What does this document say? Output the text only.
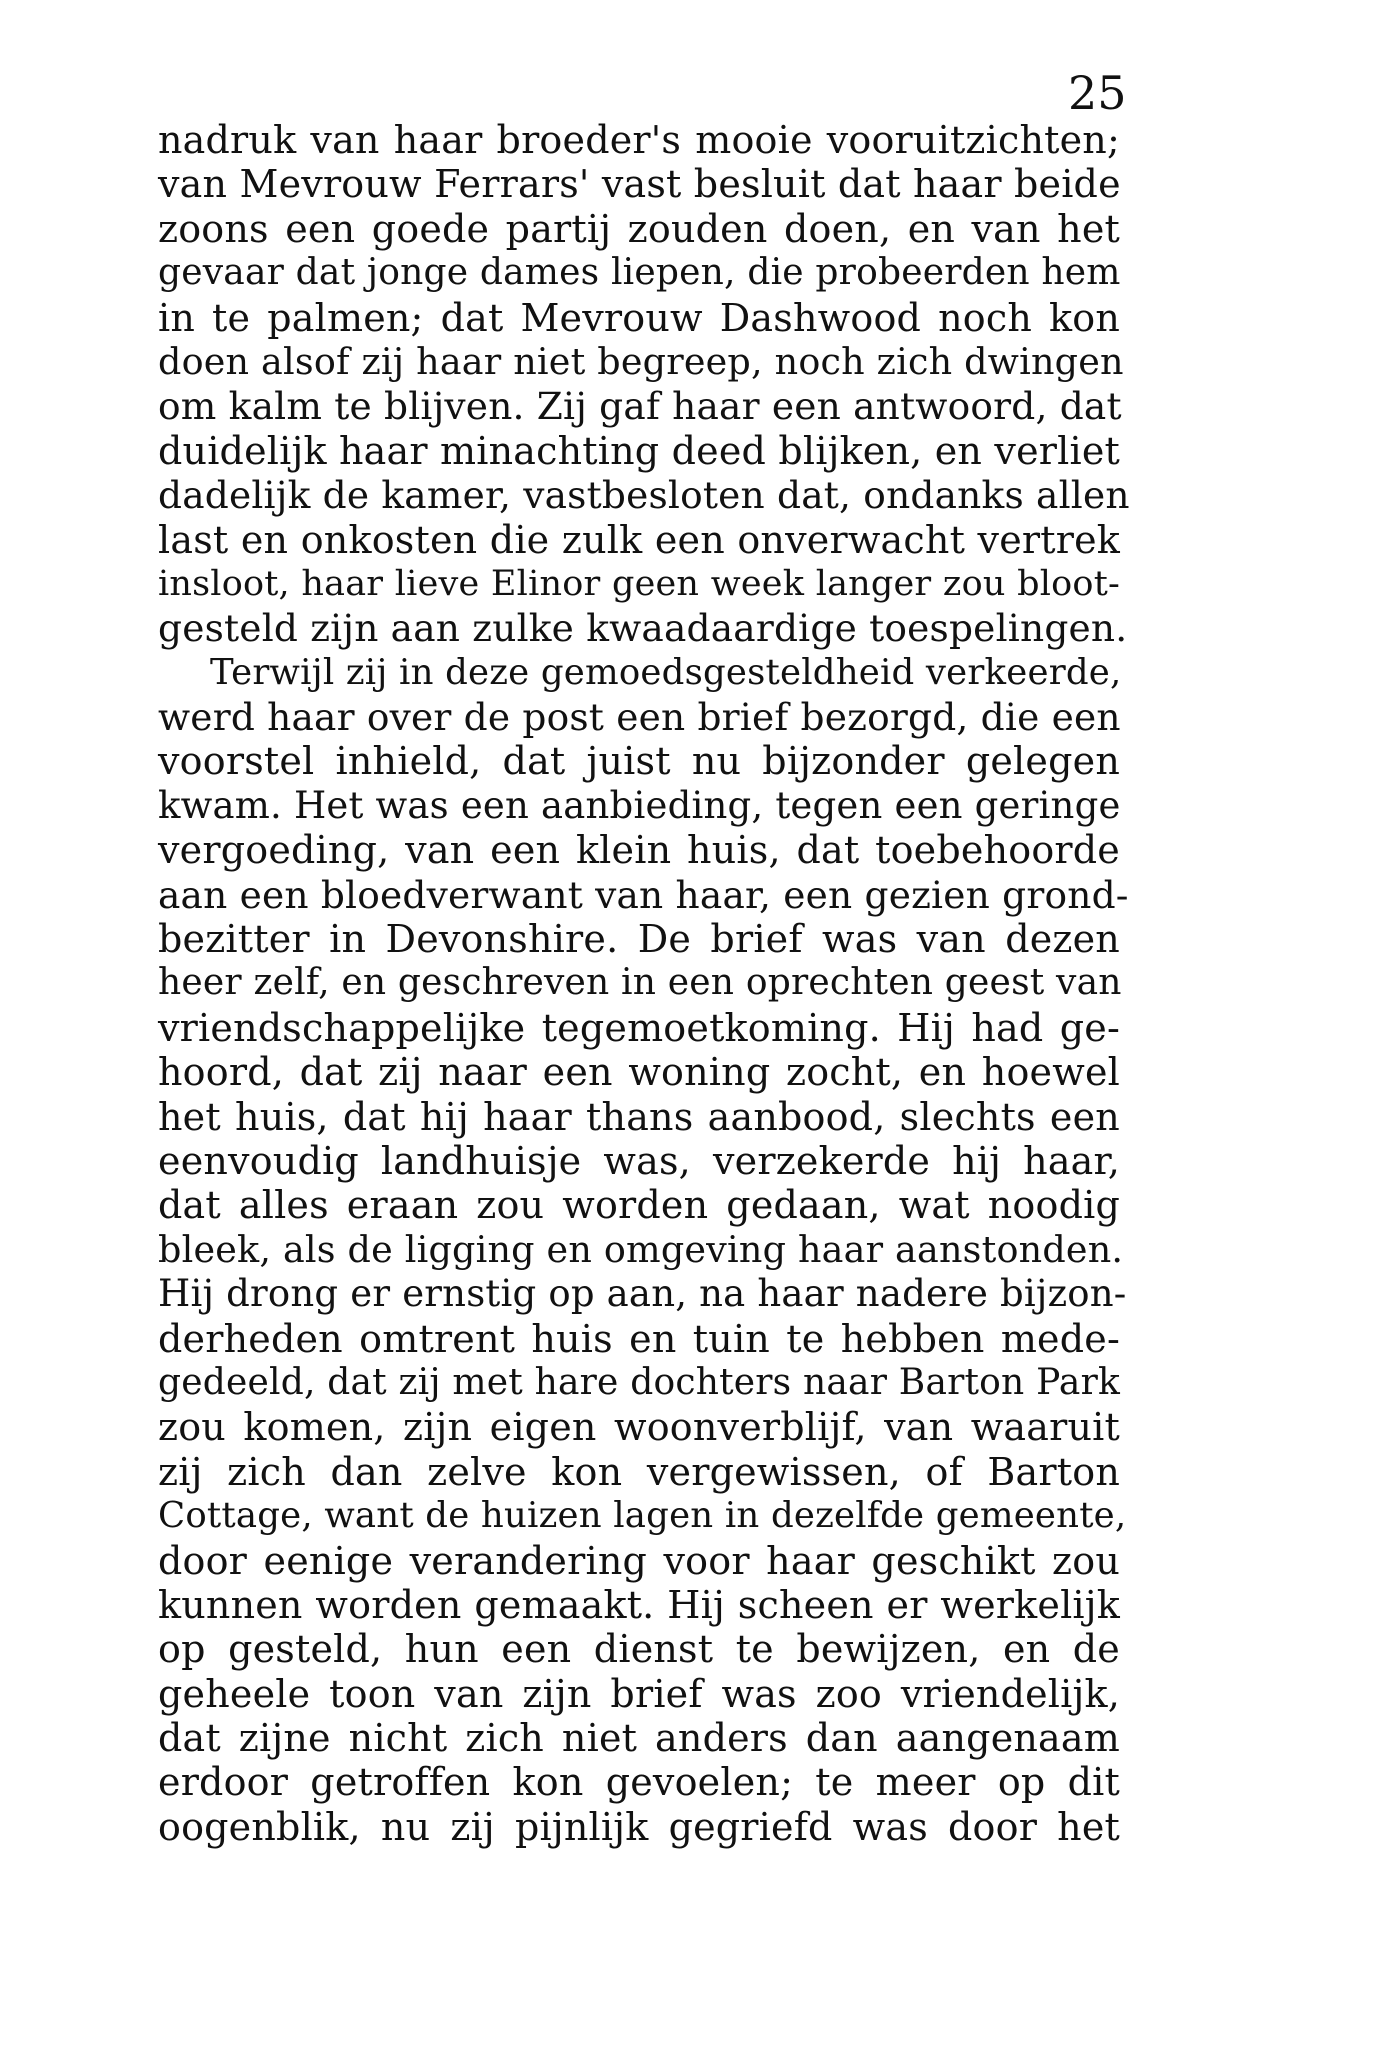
25
nadruk van haar broeder's mooie vooruitzichten;
van Mevrouw Ferrars' vast besluit dat haar beide
zoons een goede partij zouden doen, en van het
gevaar dat jonge dames liepen, die probeerden hem
in te palmen; dat Mevrouw Dashwood noch kon
doen alsof zij haar niet begreep, noch zich dwingen
om kalm te blijven. Zij gaf haar een antwoord, dat
duidelijk haar minachting deed blijken, en verliet
dadelijk de kamer, vastbesloten dat, ondanks allen
last en onkosten die zulk een onverwacht vertrek
insloot, haar lieve Elinor geen week langer zou bloot-
gesteld zijn aan zulke kwaadaardige toespelingen.
Terwijl zij in deze gemoedsgesteldheid verkeerde,
werd haar over de post een brief bezorgd, die een
voorstel inhield, dat juist nu bijzonder gelegen
kwam. Het was een aanbieding, tegen een geringe
vergoeding, van een klein huis, dat toebehoorde
aan een bloedverwant van haar, een gezien grond-
bezitter in Devonshire. De brief was van dezen
heer zelf, en geschreven in een oprechten geest van
vriendschappelijke tegemoetkoming. Hij had ge-
hoord, dat zij naar een woning zocht, en hoewel
het huis, dat hij haar thans aanbood, slechts een
eenvoudig landhuisje was, verzekerde hij haar,
dat alles eraan zou worden gedaan, wat noodig
bleek, als de ligging en omgeving haar aanstonden.
Hij drong er ernstig op aan, na haar nadere bijzon-
derheden omtrent huis en tuin te hebben mede-
gedeeld, dat zij met hare dochters naar Barton Park
zou komen, zijn eigen woonverblijf, van waaruit
zij zich dan zelve kon vergewissen, of Barton
Cottage, want de huizen lagen in dezelfde gemeente,
door eenige verandering voor haar geschikt zou
kunnen worden gemaakt. Hij scheen er werkelijk
op gesteld, hun een dienst te bewijzen, en de
geheele toon van zijn brief was zoo vriendelijk,
dat zijne nicht zich niet anders dan aangenaam
erdoor getroffen kon gevoelen; te meer op dit
oogenblik, nu zij pijnlijk gegriefd was door het
